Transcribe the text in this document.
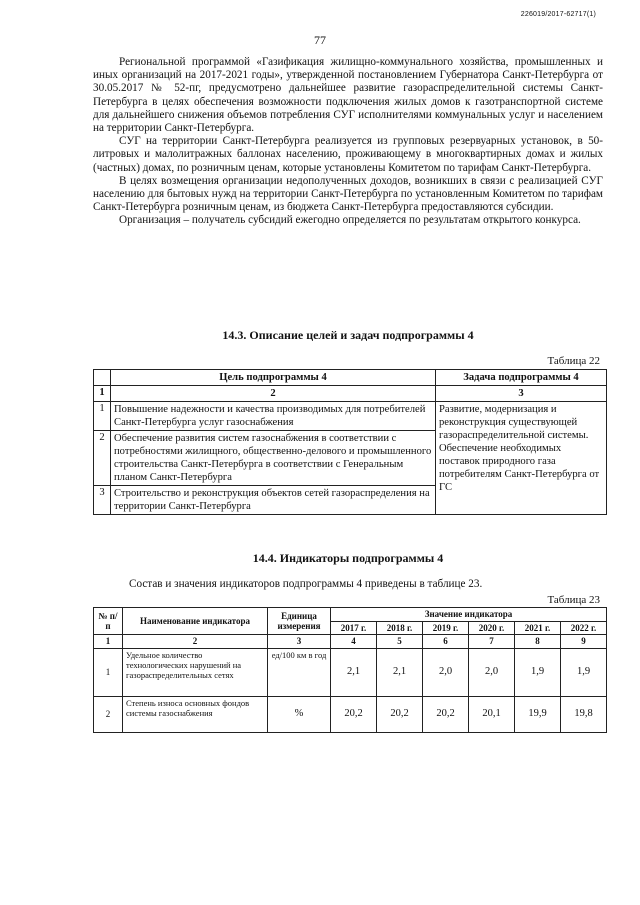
226019/2017-62717(1)
77

Региональной программой «Газификация жилищно-коммунального хозяйства, промышленных и иных организаций на 2017-2021 годы», утвержденной постановлением Губернатора Санкт-Петербурга от 30.05.2017 № 52-пг, предусмотрено дальнейшее развитие газораспределительной системы Санкт-Петербурга в целях обеспечения возможности подключения жилых домов к газотранспортной системе для дальнейшего снижения объемов потребления СУГ исполнителями коммунальных услуг и населением на территории Санкт-Петербурга.

СУГ на территории Санкт-Петербурга реализуется из групповых резервуарных установок, в 50-литровых и малолитражных баллонах населению, проживающему в многоквартирных домах и жилых (частных) домах, по розничным ценам, которые установлены Комитетом по тарифам Санкт-Петербурга.

В целях возмещения организации недополученных доходов, возникших в связи с реализацией СУГ населению для бытовых нужд на территории Санкт-Петербурга по установленным Комитетом по тарифам Санкт-Петербурга розничным ценам, из бюджета Санкт-Петербурга предоставляются субсидии.

Организация – получатель субсидий ежегодно определяется по результатам открытого конкурса.

14.3. Описание целей и задач подпрограммы 4
Таблица 22
	Цель подпрограммы 4	Задача подпрограммы 4
1	2	3
1	Повышение надежности и качества производимых для потребителей Санкт-Петербурга услуг газоснабжения	Развитие, модернизация и реконструкция существующей газораспределительной системы. Обеспечение необходимых поставок природного газа потребителям Санкт-Петербурга от ГС
2	Обеспечение развития систем газоснабжения в соответствии с потребностями жилищного, общественно-делового и промышленного строительства Санкт-Петербурга в соответствии с Генеральным планом Санкт-Петербурга	
3	Строительство и реконструкция объектов сетей газораспределения на территории Санкт-Петербурга	
14.4. Индикаторы подпрограммы 4
Состав и значения индикаторов подпрограммы 4 приведены в таблице 23.
Таблица 23
№ п/п	Наименование индикатора	Единица измерения	Значение индикатора					
			2017 г.	2018 г.	2019 г.	2020 г.	2021 г.	2022 г.
1	2	3	4	5	6	7	8	9
1	Удельное количество технологических нарушений на газораспределительных сетях	ед/100 км в год	2,1	2,1	2,0	2,0	1,9	1,9
2	Степень износа основных фондов системы газоснабжения	%	20,2	20,2	20,2	20,1	19,9	19,8
